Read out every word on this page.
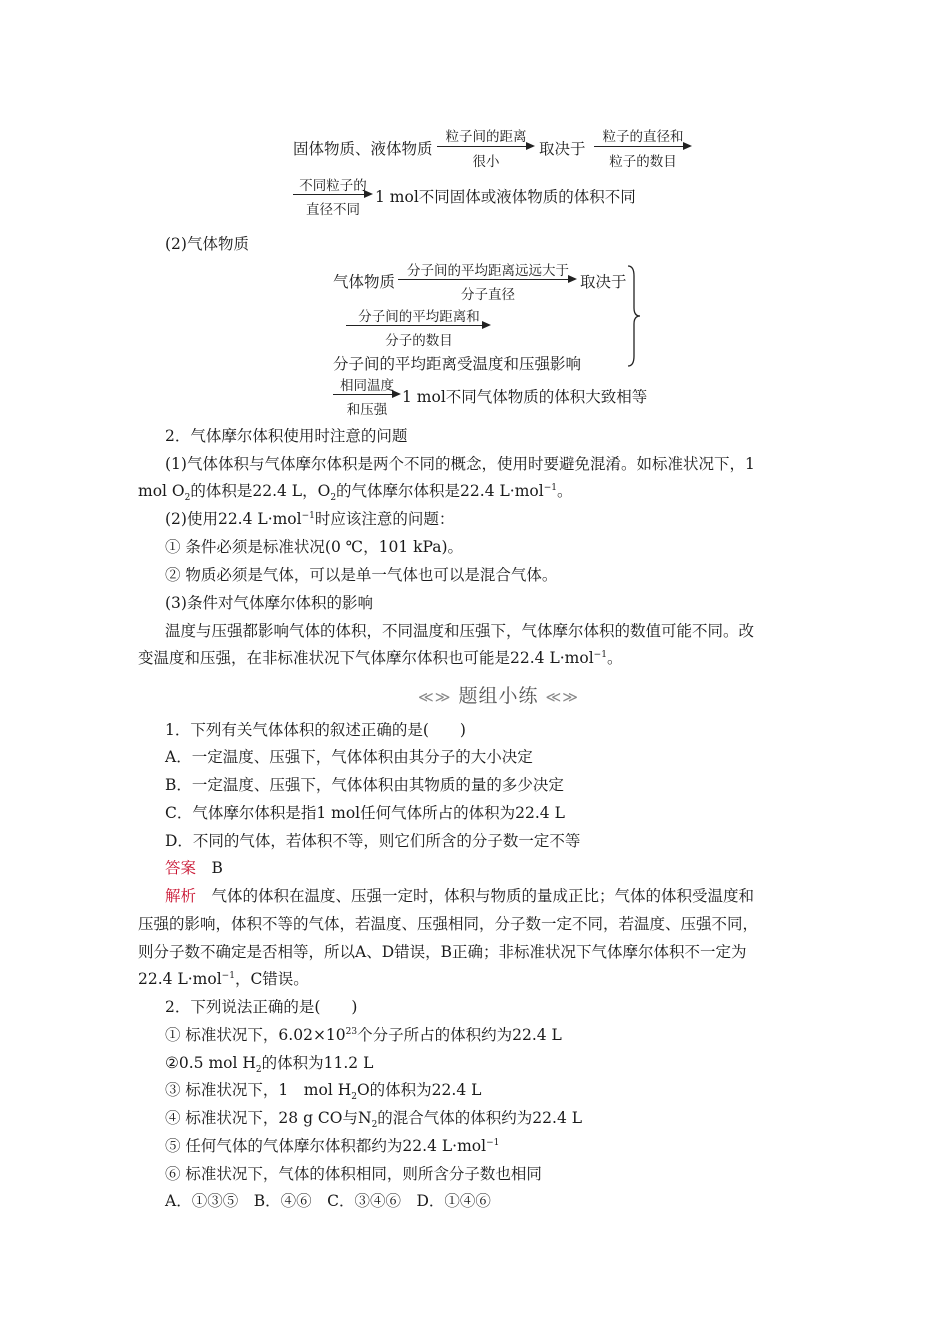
固体物质、液体物质
粒子间的距离
很小
取决于
粒子的直径和
粒子的数目
不同粒子的
直径不同
1 mol不同固体或液体物质的体积不同
(2)气体物质
气体物质
分子间的平均距离远远大于
分子直径
取决于
分子间的平均距离和
分子的数目
分子间的平均距离受温度和压强影响
相同温度
和压强
1 mol不同气体物质的体积大致相等
2．气体摩尔体积使用时注意的问题
(1)气体体积与气体摩尔体积是两个不同的概念，使用时要避免混淆。如标准状况下，1
mol $O_2$的体积是22.4 L，$O_2$的气体摩尔体积是22.4 L·mol$^{-1}$。
(2)使用22.4 L·mol$^{-1}$时应该注意的问题：
① 条件必须是标准状况(0 ℃，101 kPa)。
② 物质必须是气体，可以是单一气体也可以是混合气体。
(3)条件对气体摩尔体积的影响
温度与压强都影响气体的体积，不同温度和压强下，气体摩尔体积的数值可能不同。改
变温度和压强，在非标准状况下气体摩尔体积也可能是22.4 L·mol$^{-1}$。
≪≫ 题组小练 ≪≫
1．下列有关气体体积的叙述正确的是(　　)
A．一定温度、压强下，气体体积由其分子的大小决定
B．一定温度、压强下，气体体积由其物质的量的多少决定
C．气体摩尔体积是指1 mol任何气体所占的体积为22.4 L
D．不同的气体，若体积不等，则它们所含的分子数一定不等
答案　 B
解析　 气体的体积在温度、压强一定时，体积与物质的量成正比；气体的体积受温度和
压强的影响，体积不等的气体，若温度、压强相同，分子数一定不同，若温度、压强不同，
则分子数不确定是否相等，所以A、D错误，B正确；非标准状况下气体摩尔体积不一定为
22.4 L·mol$^{-1}$，C错误。
2．下列说法正确的是(　　)
① 标准状况下，$6.02\times 10^{23}$个分子所占的体积约为22.4 L
②0.5 mol $H_2$的体积为11.2 L
③ 标准状况下，1　mol $H_2O$的体积为22.4 L
④ 标准状况下，28 g CO与$N_2$的混合气体的体积约为22.4 L
⑤ 任何气体的气体摩尔体积都约为22.4 L·mol$^{-1}$
⑥ 标准状况下，气体的体积相同，则所含分子数也相同
A．①③⑤　B．④⑥　C．③④⑥　D．①④⑥
